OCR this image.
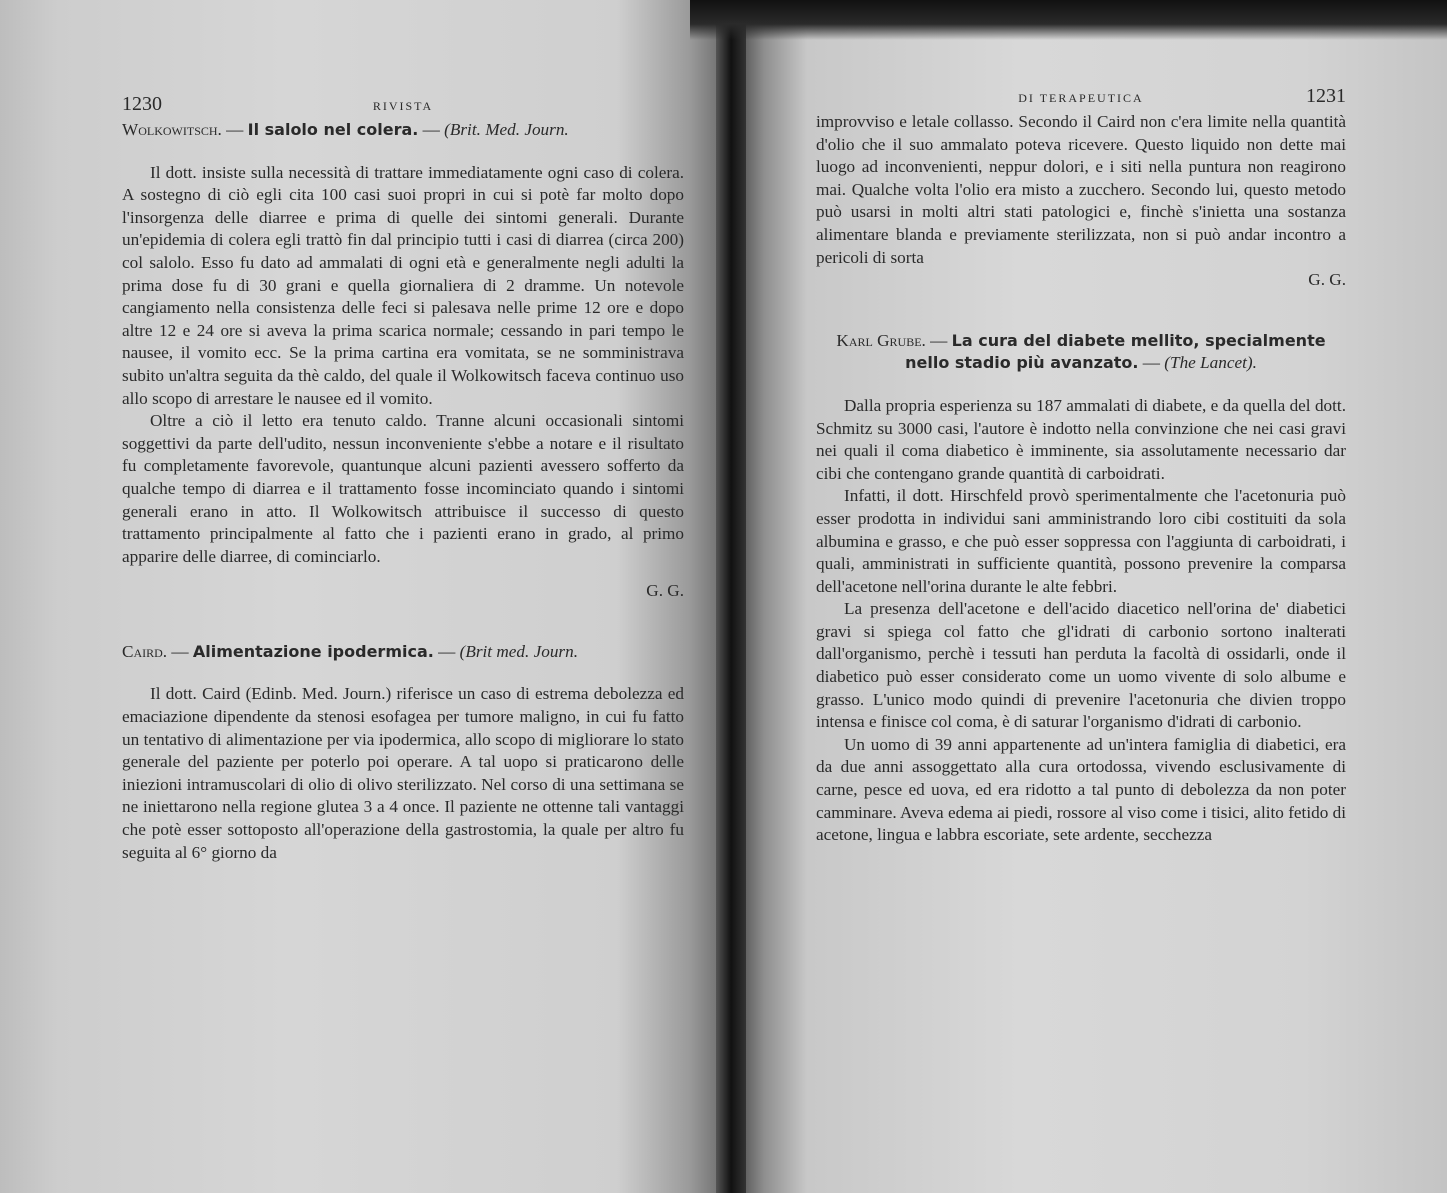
1230	RIVISTA

Wolkowitsch. — Il salolo nel colera. — (Brit. Med. Journ.

Il dott. insiste sulla necessità di trattare immediatamente ogni caso di colera. A sostegno di ciò egli cita 100 casi suoi propri in cui si potè far molto dopo l'insorgenza delle diarree e prima di quelle dei sintomi generali. Durante un'epidemia di colera egli trattò fin dal principio tutti i casi di diarrea (circa 200) col salolo. Esso fu dato ad ammalati di ogni età e generalmente negli adulti la prima dose fu di 30 grani e quella giornaliera di 2 dramme. Un notevole cangiamento nella consistenza delle feci si palesava nelle prime 12 ore e dopo altre 12 e 24 ore si aveva la prima scarica normale; cessando in pari tempo le nausee, il vomito ecc. Se la prima cartina era vomitata, se ne somministrava subito un'altra seguita da thè caldo, del quale il Wolkowitsch faceva continuo uso allo scopo di arrestare le nausee ed il vomito.

Oltre a ciò il letto era tenuto caldo. Tranne alcuni occasionali sintomi soggettivi da parte dell'udito, nessun inconveniente s'ebbe a notare e il risultato fu completamente favorevole, quantunque alcuni pazienti avessero sofferto da qualche tempo di diarrea e il trattamento fosse incominciato quando i sintomi generali erano in atto. Il Wolkowitsch attribuisce il successo di questo trattamento principalmente al fatto che i pazienti erano in grado, al primo apparire delle diarree, di cominciarlo.

G. G.

Caird. — Alimentazione ipodermica. — (Brit med. Journ.

Il dott. Caird (Edinb. Med. Journ.) riferisce un caso di estrema debolezza ed emaciazione dipendente da stenosi esofagea per tumore maligno, in cui fu fatto un tentativo di alimentazione per via ipodermica, allo scopo di migliorare lo stato generale del paziente per poterlo poi operare. A tal uopo si praticarono delle iniezioni intramuscolari di olio di olivo sterilizzato. Nel corso di una settimana se ne iniettarono nella regione glutea 3 a 4 once. Il paziente ne ottenne tali vantaggi che potè esser sottoposto all'operazione della gastrostomia, la quale per altro fu seguita al 6° giorno da

DI TERAPEUTICA	1231

improvviso e letale collasso. Secondo il Caird non c'era limite nella quantità d'olio che il suo ammalato poteva ricevere. Questo liquido non dette mai luogo ad inconvenienti, neppur dolori, e i siti nella puntura non reagirono mai. Qualche volta l'olio era misto a zucchero. Secondo lui, questo metodo può usarsi in molti altri stati patologici e, finchè s'inietta una sostanza alimentare blanda e previamente sterilizzata, non si può andar incontro a pericoli di sorta

G. G.

Karl Grube. — La cura del diabete mellito, specialmente nello stadio più avanzato. — (The Lancet).

Dalla propria esperienza su 187 ammalati di diabete, e da quella del dott. Schmitz su 3000 casi, l'autore è indotto nella convinzione che nei casi gravi nei quali il coma diabetico è imminente, sia assolutamente necessario dar cibi che contengano grande quantità di carboidrati.

Infatti, il dott. Hirschfeld provò sperimentalmente che l'acetonuria può esser prodotta in individui sani amministrando loro cibi costituiti da sola albumina e grasso, e che può esser soppressa con l'aggiunta di carboidrati, i quali, amministrati in sufficiente quantità, possono prevenire la comparsa dell'acetone nell'orina durante le alte febbri.

La presenza dell'acetone e dell'acido diacetico nell'orina de' diabetici gravi si spiega col fatto che gl'idrati di carbonio sortono inalterati dall'organismo, perchè i tessuti han perduta la facoltà di ossidarli, onde il diabetico può esser considerato come un uomo vivente di solo albume e grasso. L'unico modo quindi di prevenire l'acetonuria che divien troppo intensa e finisce col coma, è di saturar l'organismo d'idrati di carbonio.

Un uomo di 39 anni appartenente ad un'intera famiglia di diabetici, era da due anni assoggettato alla cura ortodossa, vivendo esclusivamente di carne, pesce ed uova, ed era ridotto a tal punto di debolezza da non poter camminare. Aveva edema ai piedi, rossore al viso come i tisici, alito fetido di acetone, lingua e labbra escoriate, sete ardente, secchezza
